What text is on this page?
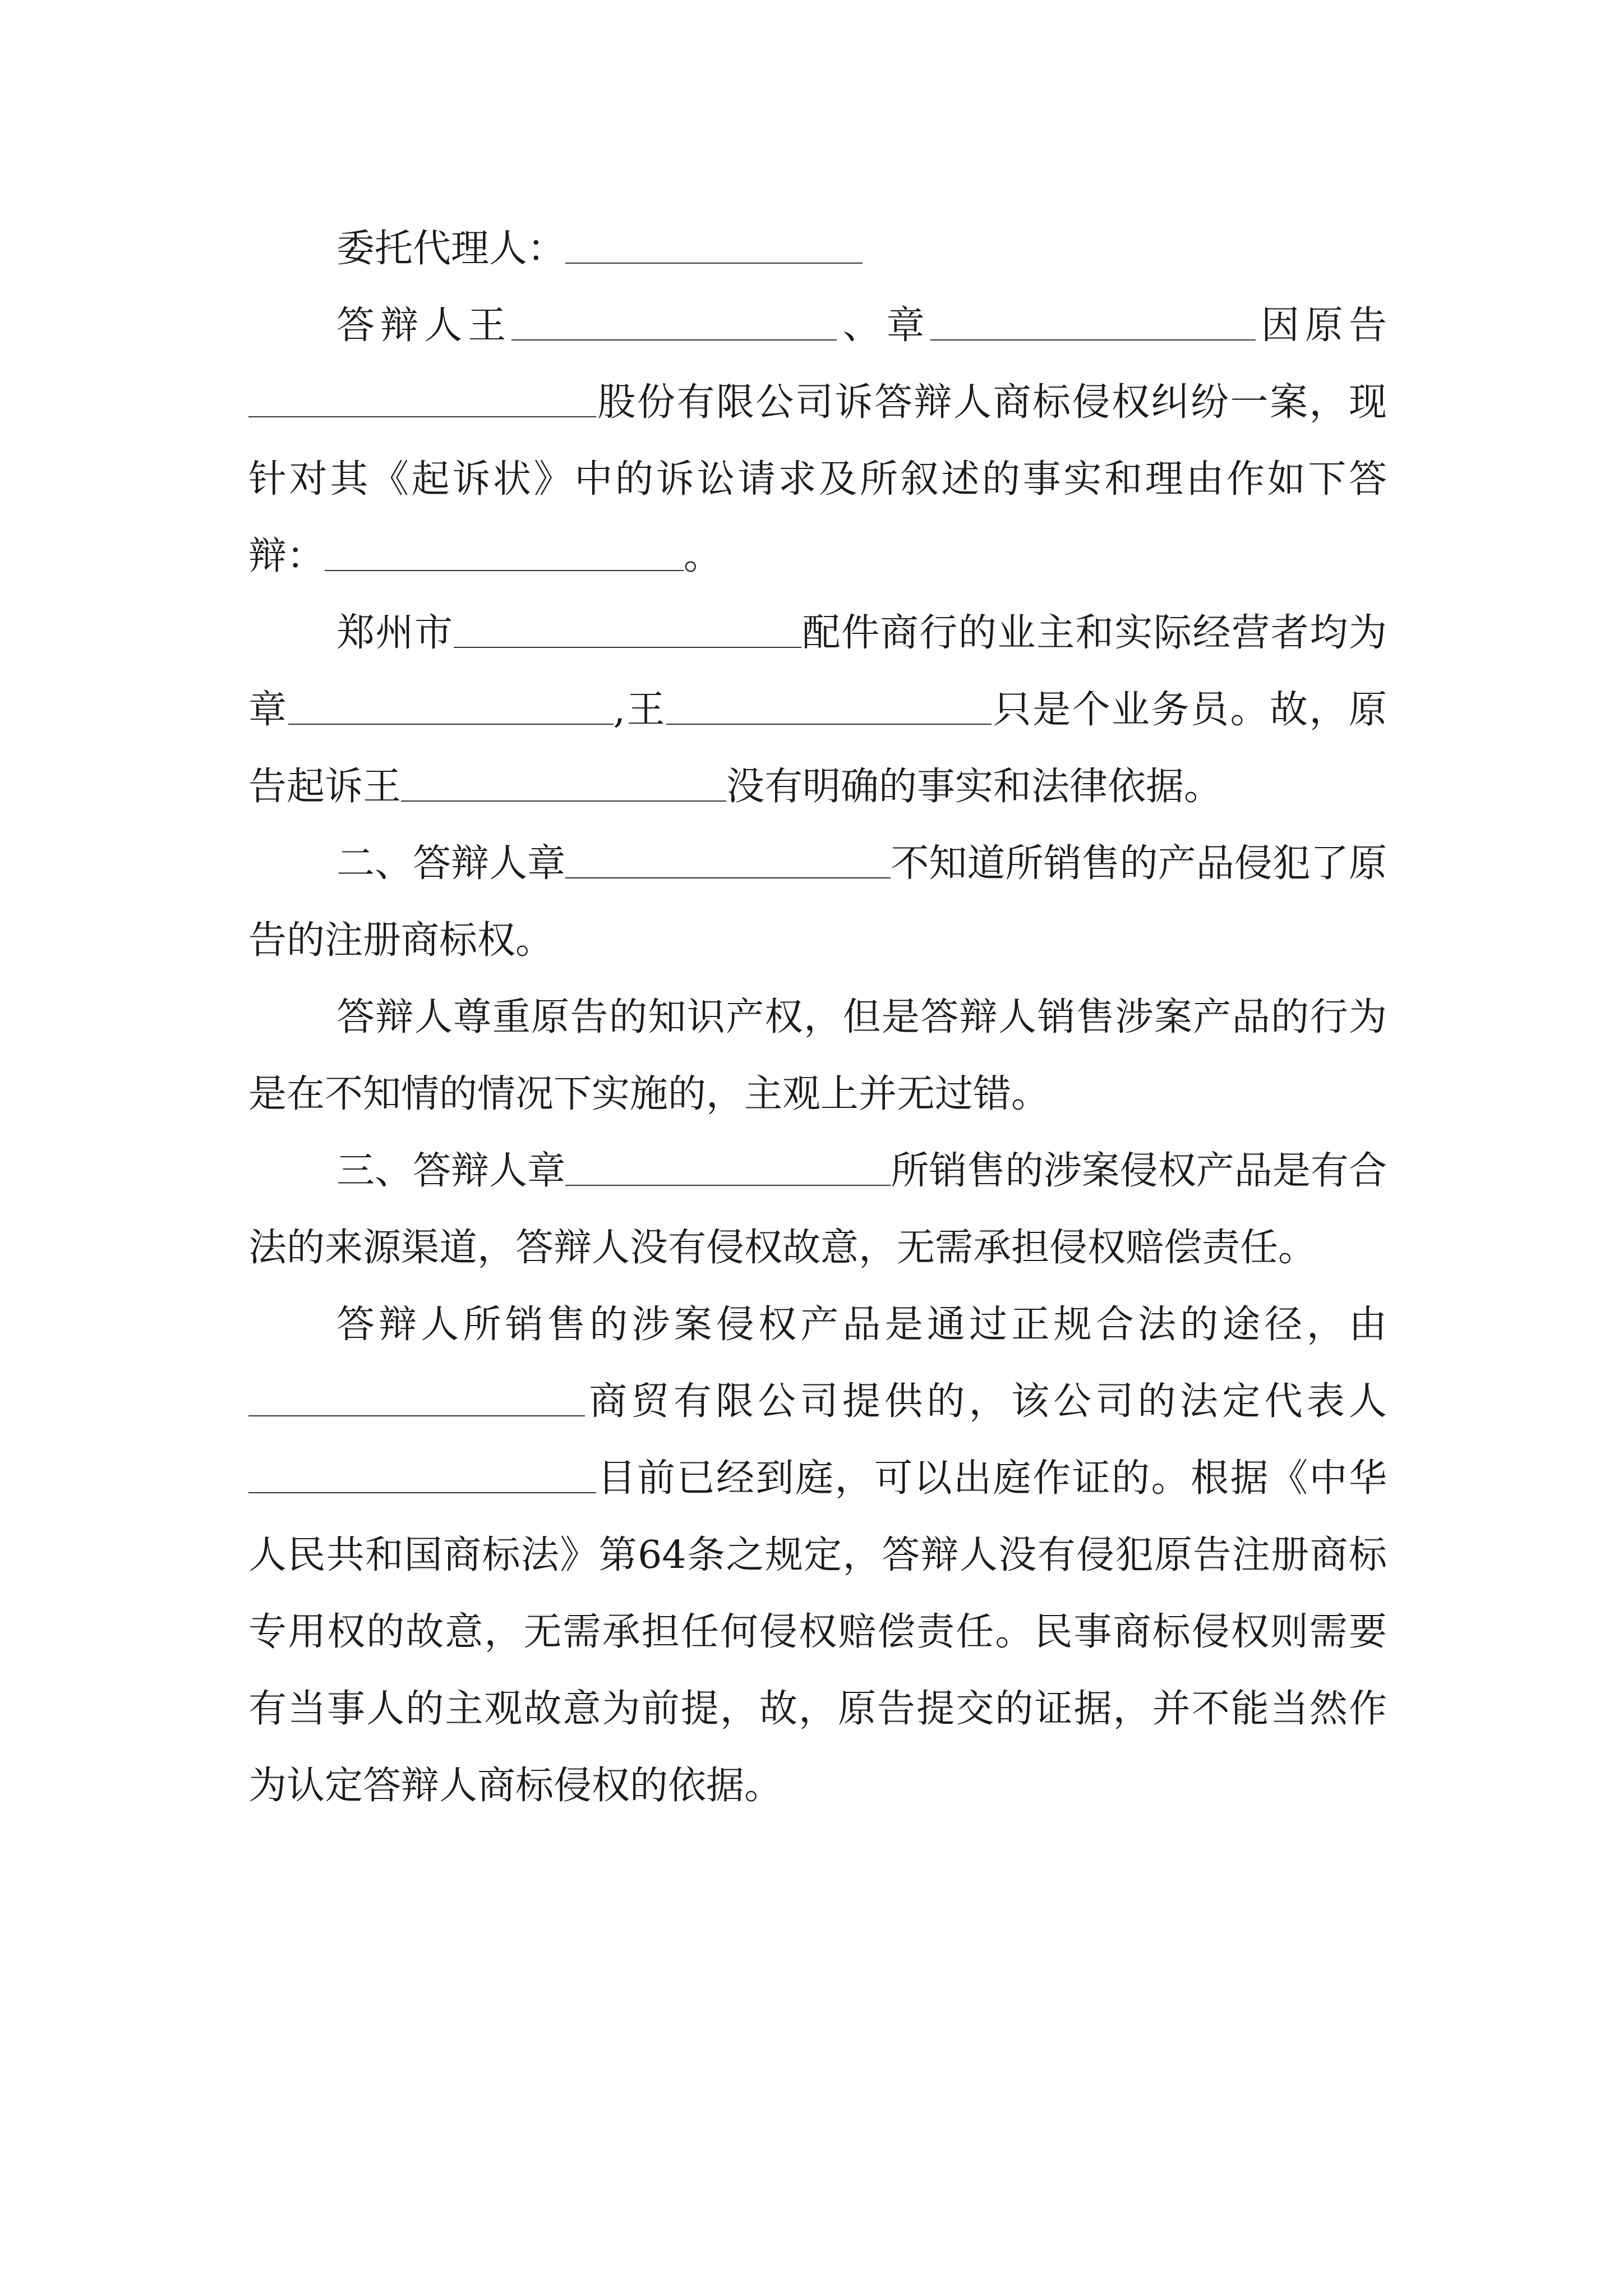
委托代理人：

答辩人王	、章	因原告股份有限公司诉答辩人商标侵权纠纷一案，现针对其《起诉状》中的诉讼请求及所叙述的事实和理由作如下答辩：	。

郑州市	配件商行的业主和实际经营者均为章	,王	只是个业务员。故，原告起诉王	没有明确的事实和法律依据。

二、答辩人章	不知道所销售的产品侵犯了原告的注册商标权。

答辩人尊重原告的知识产权，但是答辩人销售涉案产品的行为是在不知情的情况下实施的，主观上并无过错。

三、答辩人章	所销售的涉案侵权产品是有合法的来源渠道，答辩人没有侵权故意，无需承担侵权赔偿责任。

答辩人所销售的涉案侵权产品是通过正规合法的途径，由商贸有限公司提供的，该公司的法定代表人目前已经到庭，可以出庭作证的。根据《中华人民共和国商标法》第64条之规定，答辩人没有侵犯原告注册商标专用权的故意，无需承担任何侵权赔偿责任。民事商标侵权则需要有当事人的主观故意为前提，故，原告提交的证据，并不能当然作为认定答辩人商标侵权的依据。
